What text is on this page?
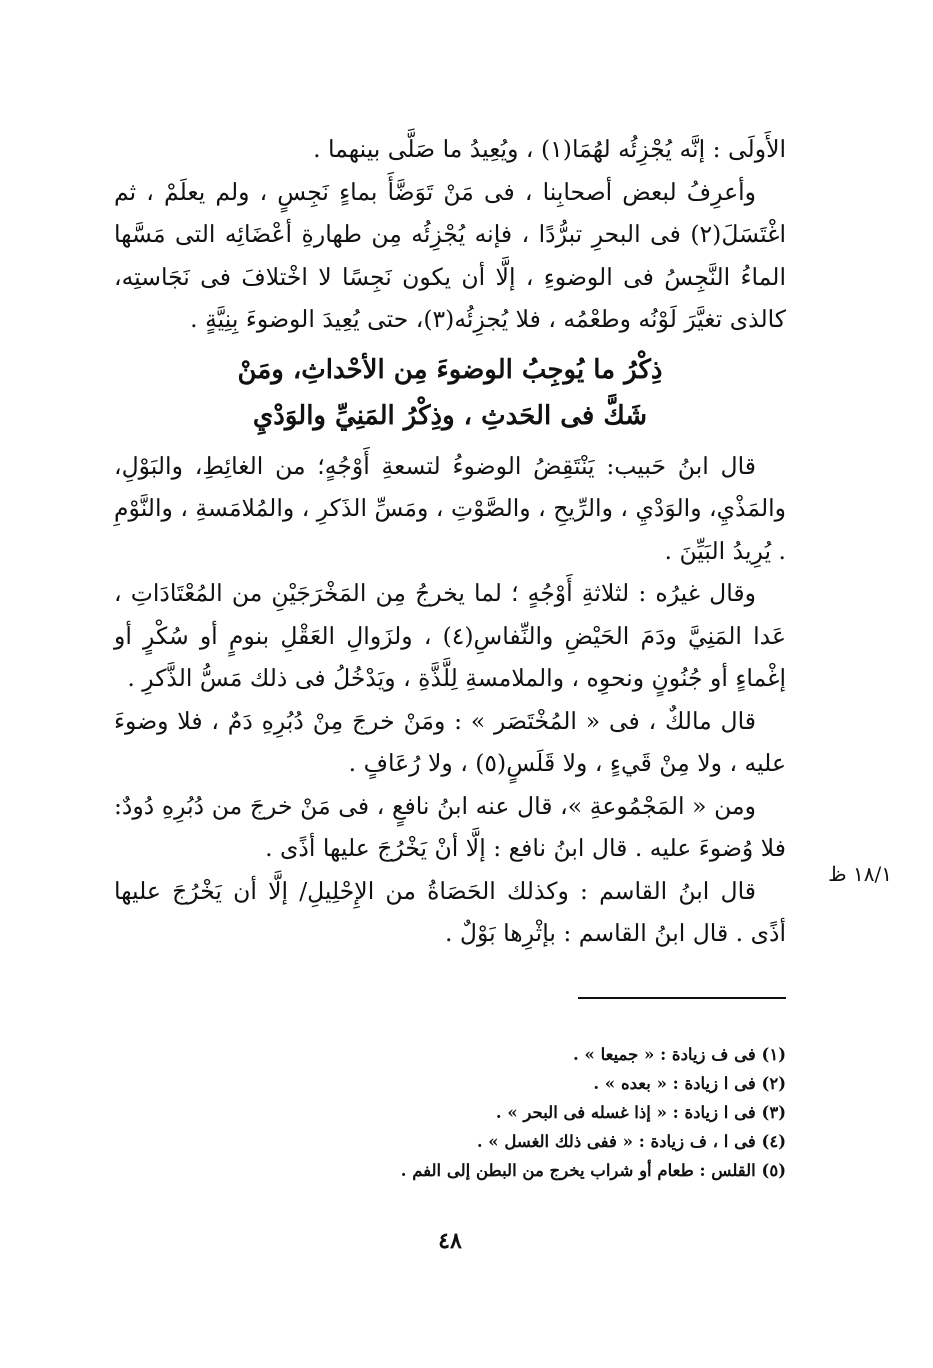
الأَولَى : إنَّه يُجْزِئُه لهُمَا(١) ، ويُعِيدُ ما صَلَّى بينهما .

وأعرِفُ لبعض أصحابِنا ، فى مَنْ تَوَضَّأَ بماءٍ نَجِسٍ ، ولم يعلَمْ ، ثم اغْتَسَلَ(٢) فى البحرِ تبرُّدًا ، فإنه يُجْزِئُه مِن طهارةِ أعْضَائِه التى مَسَّها الماءُ النَّجِسُ فى الوضوءِ ، إلَّا أن يكون نَجِسًا لا اخْتلافَ فى نَجَاستِه، كالذى تغيَّرَ لَوْنُه وطعْمُه ، فلا يُجزِئُه(٣)، حتى يُعِيدَ الوضوءَ بِنِيَّةٍ .

ذِكْرُ ما يُوجِبُ الوضوءَ مِن الأحْداثِ، ومَنْ
شَكَّ فى الحَدثِ ، وذِكْرُ المَنِيِّ والوَدْيِ

قال ابنُ حَبيب: يَنْتَقِضُ الوضوءُ لتسعةِ أَوْجُهٍ؛ من الغائِطِ، والبَوْلِ، والمَذْيِ، والوَدْيِ ، والرِّيحِ ، والصَّوْتِ ، ومَسِّ الذَكرِ ، والمُلامَسةِ ، والنَّوْمِ . يُرِيدُ البَيِّنَ .

وقال غيرُه : لثلاثةِ أَوْجُهٍ ؛ لما يخرجُ مِن المَخْرَجَيْنِ من المُعْتَادَاتِ ، عَدا المَنِيَّ ودَمَ الحَيْضِ والنِّفاسِ(٤) ، ولزَوالِ العَقْلِ بنومٍ أو سُكْرٍ أو إغْماءٍ أو جُنُونٍ ونحوِه ، والملامسةِ لِلَّذَّةِ ، ويَدْخُلُ فى ذلك مَسُّ الذَّكرِ .

قال مالكٌ ، فى « المُخْتَصَر » : ومَنْ خرجَ مِنْ دُبُرِهِ دَمٌ ، فلا وضوءَ عليه ، ولا مِنْ قَيءٍ ، ولا قَلَسٍ(٥) ، ولا رُعَافٍ .

ومن « المَجْمُوعةِ »، قال عنه ابنُ نافعٍ ، فى مَنْ خرجَ من دُبُرِهِ دُودٌ: فلا وُضوءَ عليه . قال ابنُ نافع : إلَّا أنْ يَخْرُجَ عليها أذًى .

قال ابنُ القاسم : وكذلك الحَصَاةُ من الإِحْلِيلِ/ إلَّا أن يَخْرُجَ عليها أذًى . قال ابنُ القاسم : بإثْرِها بَوْلٌ .

١٨/١ ظ
(١) فى ف زيادة : « جميعا » .
(٢) فى ا زيادة : « بعده » .
(٣) فى ا زيادة : « إذا غسله فى البحر » .
(٤) فى ا ، ف زيادة : « ففى ذلك الغسل » .
(٥) القلس : طعام أو شراب يخرج من البطن إلى الفم .
٤٨
